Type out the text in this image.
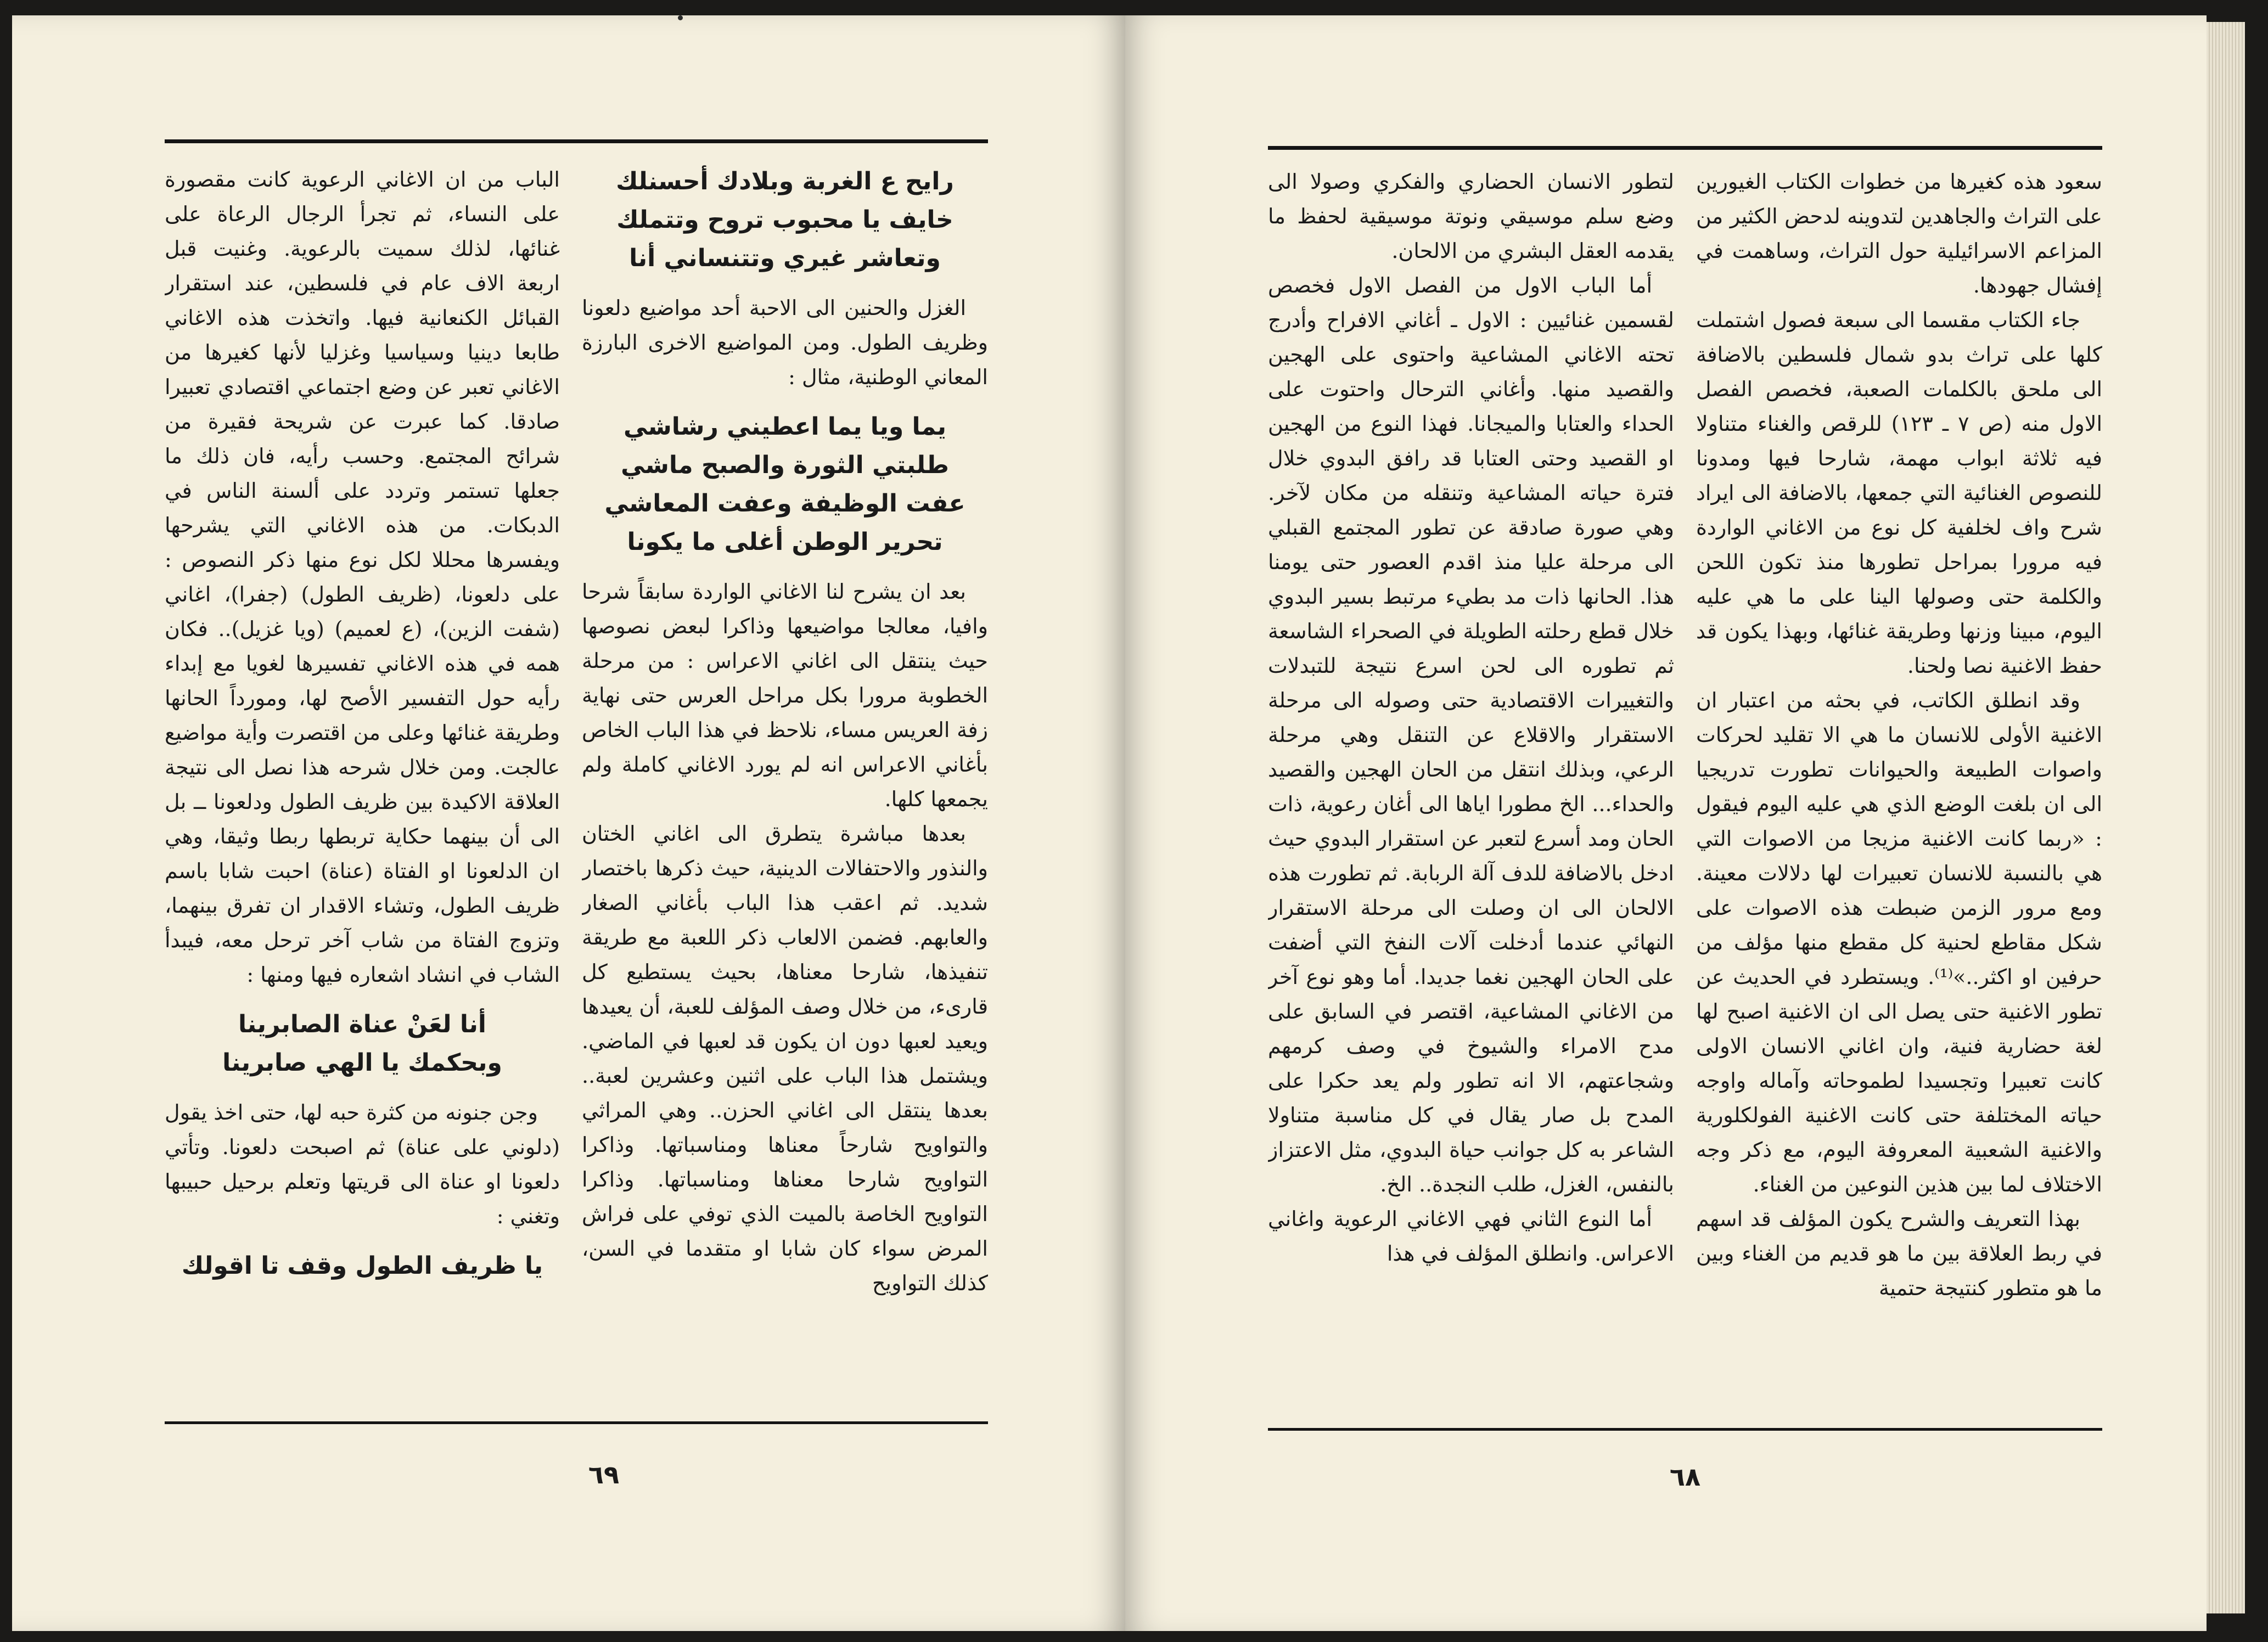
رايح ع الغربة وبلادك أحسنلك
خايف يا محبوب تروح وتتملك
وتعاشر غيري وتتنساني أنا

الغزل والحنين الى الاحبة أحد مواضيع دلعونا وظريف الطول. ومن المواضيع الاخرى البارزة المعاني الوطنية، مثال :

يما ويا يما اعطيني رشاشي
طلبتي الثورة والصبح ماشي
عفت الوظيفة وعفت المعاشي
تحرير الوطن أغلى ما يكونا

بعد ان يشرح لنا الاغاني الواردة سابقاً شرحا وافيا، معالجا مواضيعها وذاكرا لبعض نصوصها حيث ينتقل الى اغاني الاعراس : من مرحلة الخطوبة مرورا بكل مراحل العرس حتى نهاية زفة العريس مساء، نلاحظ في هذا الباب الخاص بأغاني الاعراس انه لم يورد الاغاني كاملة ولم يجمعها كلها.

بعدها مباشرة يتطرق الى اغاني الختان والنذور والاحتفالات الدينية، حيث ذكرها باختصار شديد. ثم اعقب هذا الباب بأغاني الصغار والعابهم. فضمن الالعاب ذكر اللعبة مع طريقة تنفيذها، شارحا معناها، بحيث يستطيع كل قارىء، من خلال وصف المؤلف للعبة، أن يعيدها ويعيد لعبها دون ان يكون قد لعبها في الماضي. ويشتمل هذا الباب على اثنين وعشرين لعبة.. بعدها ينتقل الى اغاني الحزن.. وهي المراثي والتواويح شارحاً معناها ومناسباتها. وذاكرا التواويح شارحا معناها ومناسباتها. وذاكرا التواويح الخاصة بالميت الذي توفي على فراش المرض سواء كان شابا او متقدما في السن، كذلك التواويح

الباب من ان الاغاني الرعوية كانت مقصورة على النساء، ثم تجرأ الرجال الرعاة على غنائها، لذلك سميت بالرعوية. وغنيت قبل اربعة الاف عام في فلسطين، عند استقرار القبائل الكنعانية فيها. واتخذت هذه الاغاني طابعا دينيا وسياسيا وغزليا لأنها كغيرها من الاغاني تعبر عن وضع اجتماعي اقتصادي تعبيرا صادقا. كما عبرت عن شريحة فقيرة من شرائح المجتمع. وحسب رأيه، فان ذلك ما جعلها تستمر وتردد على ألسنة الناس في الدبكات. من هذه الاغاني التي يشرحها ويفسرها محللا لكل نوع منها ذكر النصوص : على دلعونا، (ظريف الطول) (جفرا)، اغاني (شفت الزين)، (ع لعميم) (ويا غزيل).. فكان همه في هذه الاغاني تفسيرها لغويا مع إبداء رأيه حول التفسير الأصح لها، ومورداً الحانها وطريقة غنائها وعلى من اقتصرت وأية مواضيع عالجت. ومن خلال شرحه هذا نصل الى نتيجة العلاقة الاكيدة بين ظريف الطول ودلعونا ــ بل الى أن بينهما حكاية تربطها ربطا وثيقا، وهي ان الدلعونا او الفتاة (عناة) احبت شابا باسم ظريف الطول، وتشاء الاقدار ان تفرق بينهما، وتزوج الفتاة من شاب آخر ترحل معه، فيبدأ الشاب في انشاد اشعاره فيها ومنها :

أنا لعَنْ عناة الصابرينا
وبحكمك يا الهي صابرينا

وجن جنونه من كثرة حبه لها، حتى اخذ يقول (دلوني على عناة) ثم اصبحت دلعونا. وتأتي دلعونا او عناة الى قريتها وتعلم برحيل حبيبها وتغني :

يا ظريف الطول وقف تا اقولك
٦٩

سعود هذه كغيرها من خطوات الكتاب الغيورين على التراث والجاهدين لتدوينه لدحض الكثير من المزاعم الاسرائيلية حول التراث، وساهمت في إفشال جهودها.

جاء الكتاب مقسما الى سبعة فصول اشتملت كلها على تراث بدو شمال فلسطين بالاضافة الى ملحق بالكلمات الصعبة، فخصص الفصل الاول منه (ص ٧ ـ ١٢٣) للرقص والغناء متناولا فيه ثلاثة ابواب مهمة، شارحا فيها ومدونا للنصوص الغنائية التي جمعها، بالاضافة الى ايراد شرح واف لخلفية كل نوع من الاغاني الواردة فيه مرورا بمراحل تطورها منذ تكون اللحن والكلمة حتى وصولها الينا على ما هي عليه اليوم، مبينا وزنها وطريقة غنائها، وبهذا يكون قد حفظ الاغنية نصا ولحنا.

وقد انطلق الكاتب، في بحثه من اعتبار ان الاغنية الأولى للانسان ما هي الا تقليد لحركات واصوات الطبيعة والحيوانات تطورت تدريجيا الى ان بلغت الوضع الذي هي عليه اليوم فيقول : «ربما كانت الاغنية مزيجا من الاصوات التي هي بالنسبة للانسان تعبيرات لها دلالات معينة. ومع مرور الزمن ضبطت هذه الاصوات على شكل مقاطع لحنية كل مقطع منها مؤلف من حرفين او اكثر..»⁽¹⁾. ويستطرد في الحديث عن تطور الاغنية حتى يصل الى ان الاغنية اصبح لها لغة حضارية فنية، وان اغاني الانسان الاولى كانت تعبيرا وتجسيدا لطموحاته وآماله واوجه حياته المختلفة حتى كانت الاغنية الفولكلورية والاغنية الشعبية المعروفة اليوم، مع ذكر وجه الاختلاف لما بين هذين النوعين من الغناء.

بهذا التعريف والشرح يكون المؤلف قد اسهم في ربط العلاقة بين ما هو قديم من الغناء وبين ما هو متطور كنتيجة حتمية

لتطور الانسان الحضاري والفكري وصولا الى وضع سلم موسيقي ونوتة موسيقية لحفظ ما يقدمه العقل البشري من الالحان.

أما الباب الاول من الفصل الاول فخصص لقسمين غنائيين : الاول ـ أغاني الافراح وأدرج تحته الاغاني المشاعية واحتوى على الهجين والقصيد منها. وأغاني الترحال واحتوت على الحداء والعتابا والميجانا. فهذا النوع من الهجين او القصيد وحتى العتابا قد رافق البدوي خلال فترة حياته المشاعية وتنقله من مكان لآخر. وهي صورة صادقة عن تطور المجتمع القبلي الى مرحلة عليا منذ اقدم العصور حتى يومنا هذا. الحانها ذات مد بطيء مرتبط بسير البدوي خلال قطع رحلته الطويلة في الصحراء الشاسعة ثم تطوره الى لحن اسرع نتيجة للتبدلات والتغييرات الاقتصادية حتى وصوله الى مرحلة الاستقرار والاقلاع عن التنقل وهي مرحلة الرعي، وبذلك انتقل من الحان الهجين والقصيد والحداء... الخ مطورا اياها الى أغان رعوية، ذات الحان ومد أسرع لتعبر عن استقرار البدوي حيث ادخل بالاضافة للدف آلة الربابة. ثم تطورت هذه الالحان الى ان وصلت الى مرحلة الاستقرار النهائي عندما أدخلت آلات النفخ التي أضفت على الحان الهجين نغما جديدا. أما وهو نوع آخر من الاغاني المشاعية، اقتصر في السابق على مدح الامراء والشيوخ في وصف كرمهم وشجاعتهم، الا انه تطور ولم يعد حكرا على المدح بل صار يقال في كل مناسبة متناولا الشاعر به كل جوانب حياة البدوي، مثل الاعتزاز بالنفس، الغزل، طلب النجدة.. الخ.

أما النوع الثاني فهي الاغاني الرعوية واغاني الاعراس. وانطلق المؤلف في هذا

٦٨
